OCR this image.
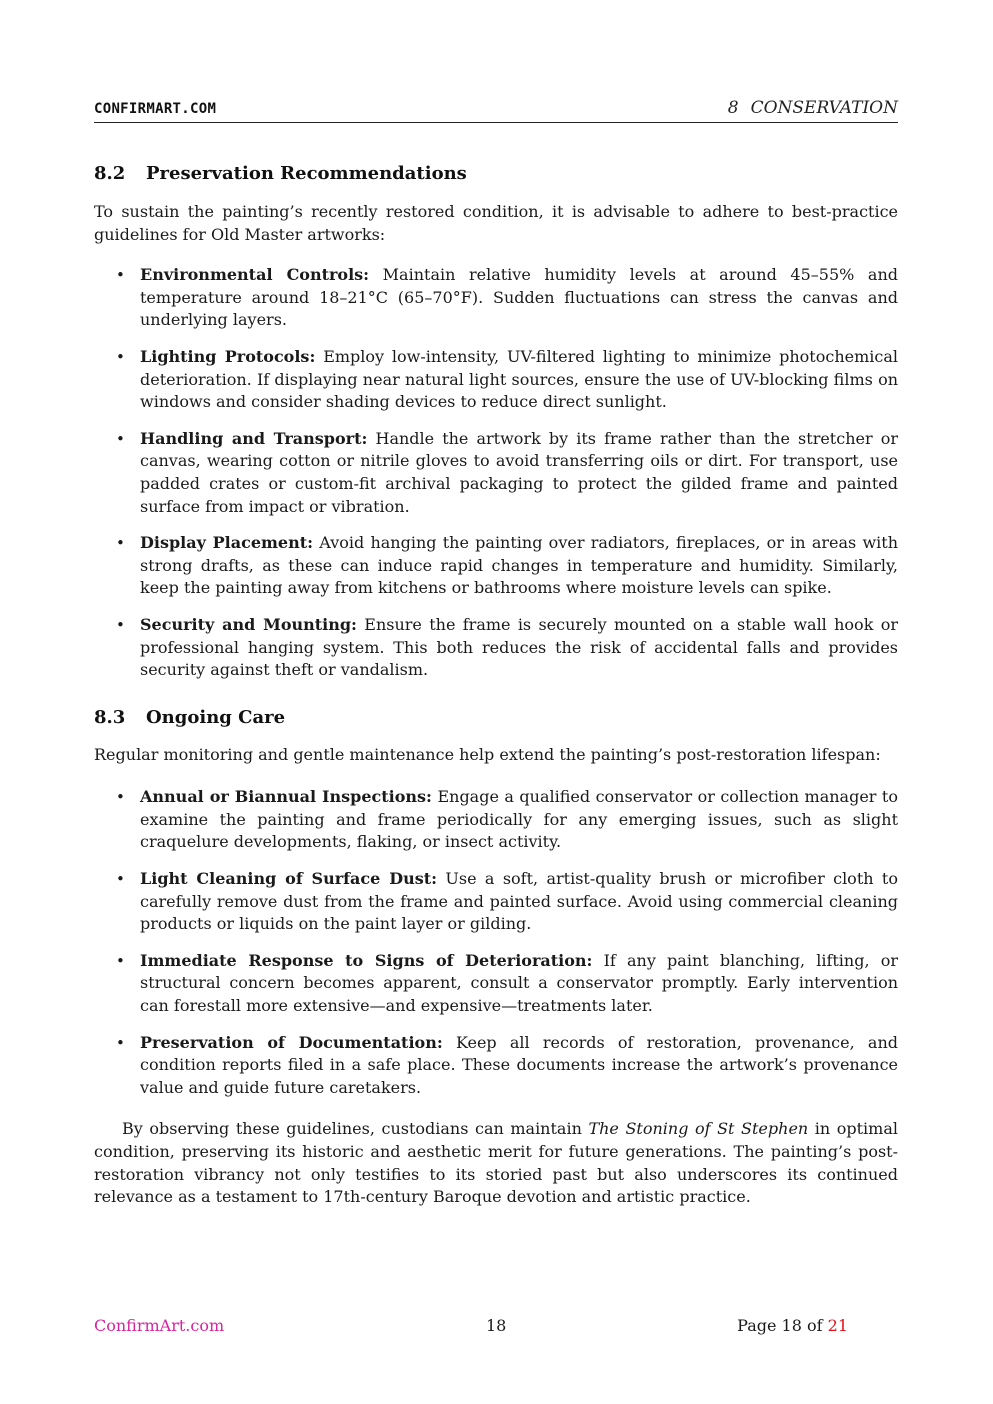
CONFIRMART.COM	8 CONSERVATION
8.2 Preservation Recommendations

To sustain the painting’s recently restored condition, it is advisable to adhere to best-practice guidelines for Old Master artworks:

• Environmental Controls: Maintain relative humidity levels at around 45–55% and temperature around 18–21°C (65–70°F). Sudden fluctuations can stress the canvas and underlying layers.
• Lighting Protocols: Employ low-intensity, UV-filtered lighting to minimize photochemical deterioration. If displaying near natural light sources, ensure the use of UV-blocking films on windows and consider shading devices to reduce direct sunlight.
• Handling and Transport: Handle the artwork by its frame rather than the stretcher or canvas, wearing cotton or nitrile gloves to avoid transferring oils or dirt. For transport, use padded crates or custom-fit archival packaging to protect the gilded frame and painted surface from impact or vibration.
• Display Placement: Avoid hanging the painting over radiators, fireplaces, or in areas with strong drafts, as these can induce rapid changes in temperature and humidity. Similarly, keep the painting away from kitchens or bathrooms where moisture levels can spike.
• Security and Mounting: Ensure the frame is securely mounted on a stable wall hook or professional hanging system. This both reduces the risk of accidental falls and provides security against theft or vandalism.
8.3 Ongoing Care

Regular monitoring and gentle maintenance help extend the painting’s post-restoration lifespan:

• Annual or Biannual Inspections: Engage a qualified conservator or collection manager to examine the painting and frame periodically for any emerging issues, such as slight craquelure developments, flaking, or insect activity.
• Light Cleaning of Surface Dust: Use a soft, artist-quality brush or microfiber cloth to carefully remove dust from the frame and painted surface. Avoid using commercial cleaning products or liquids on the paint layer or gilding.
• Immediate Response to Signs of Deterioration: If any paint blanching, lifting, or structural concern becomes apparent, consult a conservator promptly. Early intervention can forestall more extensive—and expensive—treatments later.
• Preservation of Documentation: Keep all records of restoration, provenance, and condition reports filed in a safe place. These documents increase the artwork’s provenance value and guide future caretakers.

By observing these guidelines, custodians can maintain The Stoning of St Stephen in optimal condition, preserving its historic and aesthetic merit for future generations. The painting’s post-restoration vibrancy not only testifies to its storied past but also underscores its continued relevance as a testament to 17th-century Baroque devotion and artistic practice.

ConfirmArt.com	18	Page 18 of 21
